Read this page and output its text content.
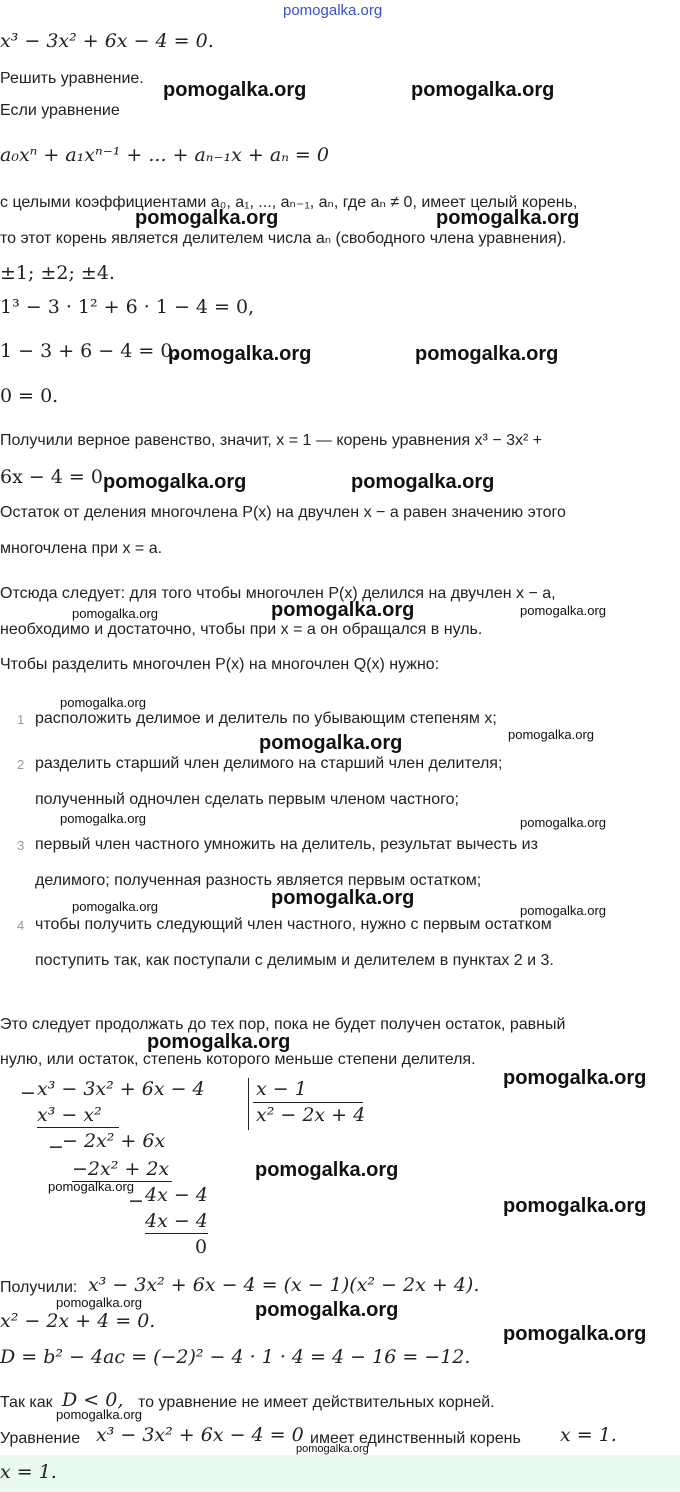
pomogalka.org
x³ − 3x² + 6x − 4 = 0.
Решить уравнение.
Если уравнение
a₀xⁿ + a₁xⁿ⁻¹ + ... + aₙ₋₁x + aₙ = 0
с целыми коэффициентами a₀, a₁, ..., aₙ₋₁, aₙ, где aₙ ≠ 0, имеет целый корень,
то этот корень является делителем числа aₙ (свободного члена уравнения).
±1; ±2; ±4.
1³ − 3 · 1² + 6 · 1 − 4 = 0,
1 − 3 + 6 − 4 = 0,
0 = 0.
Получили верное равенство, значит, x = 1 — корень уравнения x³ − 3x² +
6x − 4 = 0.
Остаток от деления многочлена P(x) на двучлен x − a равен значению этого
многочлена при x = a.
Отсюда следует: для того чтобы многочлен P(x) делился на двучлен x − a,
необходимо и достаточно, чтобы при x = a он обращался в нуль.
Чтобы разделить многочлен P(x) на многочлен Q(x) нужно:
1 расположить делимое и делитель по убывающим степеням x;
2 разделить старший член делимого на старший член делителя;
полученный одночлен сделать первым членом частного;
3 первый член частного умножить на делитель, результат вычесть из
делимого; полученная разность является первым остатком;
4 чтобы получить следующий член частного, нужно с первым остатком
поступить так, как поступали с делимым и делителем в пунктах 2 и 3.
Это следует продолжать до тех пор, пока не будет получен остаток, равный
нулю, или остаток, степень которого меньше степени делителя.
− x³ − 3x² + 6x − 4
x³ − x²
−
− 2x² + 6x
−2x² + 2x
− 4x − 4
4x − 4
0
x − 1
x² − 2x + 4
Получили: x³ − 3x² + 6x − 4 = (x − 1)(x² − 2x + 4).
x² − 2x + 4 = 0.
D = b² − 4ac = (−2)² − 4 · 1 · 4 = 4 − 16 = −12.
Так как D < 0, то уравнение не имеет действительных корней.
Уравнение x³ − 3x² + 6x − 4 = 0 имеет единственный корень x = 1.
x = 1.
pomogalka.org	pomogalka.org
pomogalka.org	pomogalka.org
pomogalka.org	pomogalka.org
pomogalka.org	pomogalka.org
pomogalka.org	pomogalka.org	pomogalka.org
pomogalka.org
pomogalka.org	pomogalka.org
pomogalka.org	pomogalka.org
pomogalka.org	pomogalka.org
pomogalka.org
pomogalka.org
pomogalka.org
pomogalka.org
pomogalka.org
pomogalka.org
pomogalka.org	pomogalka.org
pomogalka.org
pomogalka.org
pomogalka.org
